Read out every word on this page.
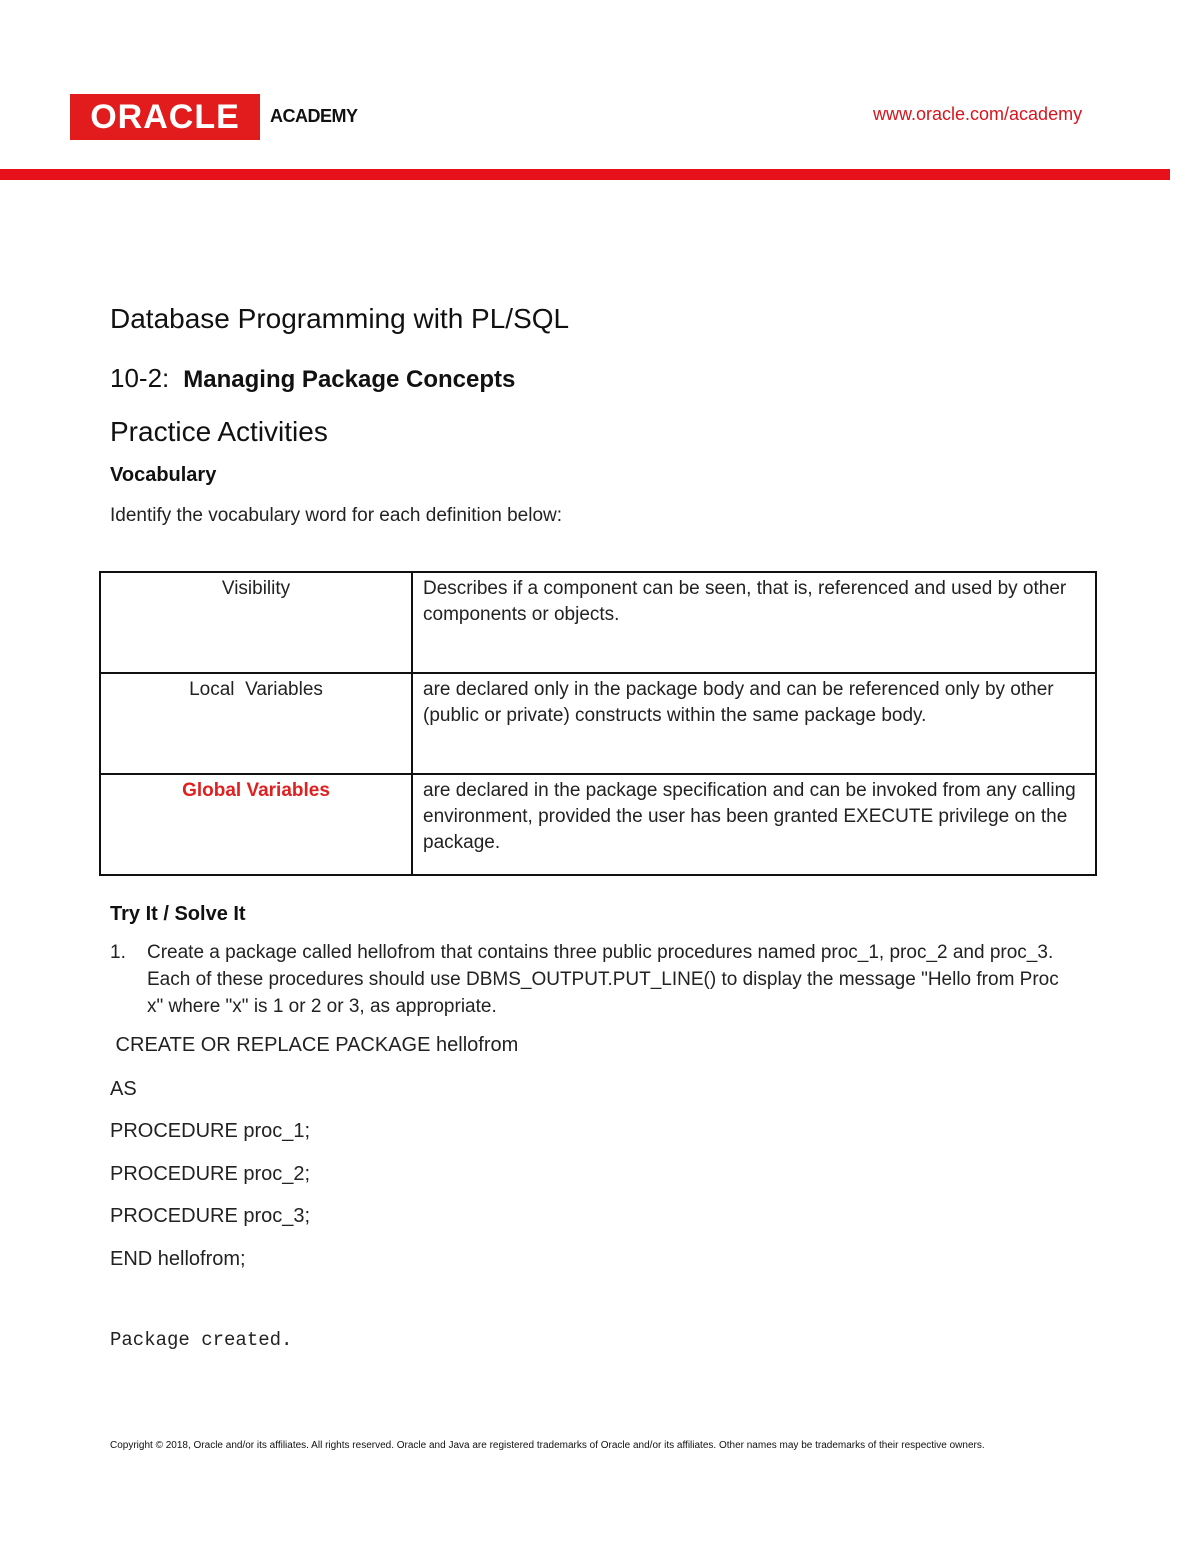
ORACLE ACADEMY	www.oracle.com/academy
Database Programming with PL/SQL
10-2: Managing Package Concepts
Practice Activities
Vocabulary
Identify the vocabulary word for each definition below:
Visibility	Describes if a component can be seen, that is, referenced and used by other components or objects.
Local  Variables	are declared only in the package body and can be referenced only by other (public or private) constructs within the same package body.
Global Variables	are declared in the package specification and can be invoked from any calling environment, provided the user has been granted EXECUTE privilege on the package.
Try It / Solve It
1. Create a package called hellofrom that contains three public procedures named proc_1, proc_2 and proc_3. Each of these procedures should use DBMS_OUTPUT.PUT_LINE() to display the message "Hello from Proc x" where "x" is 1 or 2 or 3, as appropriate.
CREATE OR REPLACE PACKAGE hellofrom
AS
PROCEDURE proc_1;
PROCEDURE proc_2;
PROCEDURE proc_3;
END hellofrom;
Package created.
Copyright © 2018, Oracle and/or its affiliates. All rights reserved. Oracle and Java are registered trademarks of Oracle and/or its affiliates. Other names may be trademarks of their respective owners.
